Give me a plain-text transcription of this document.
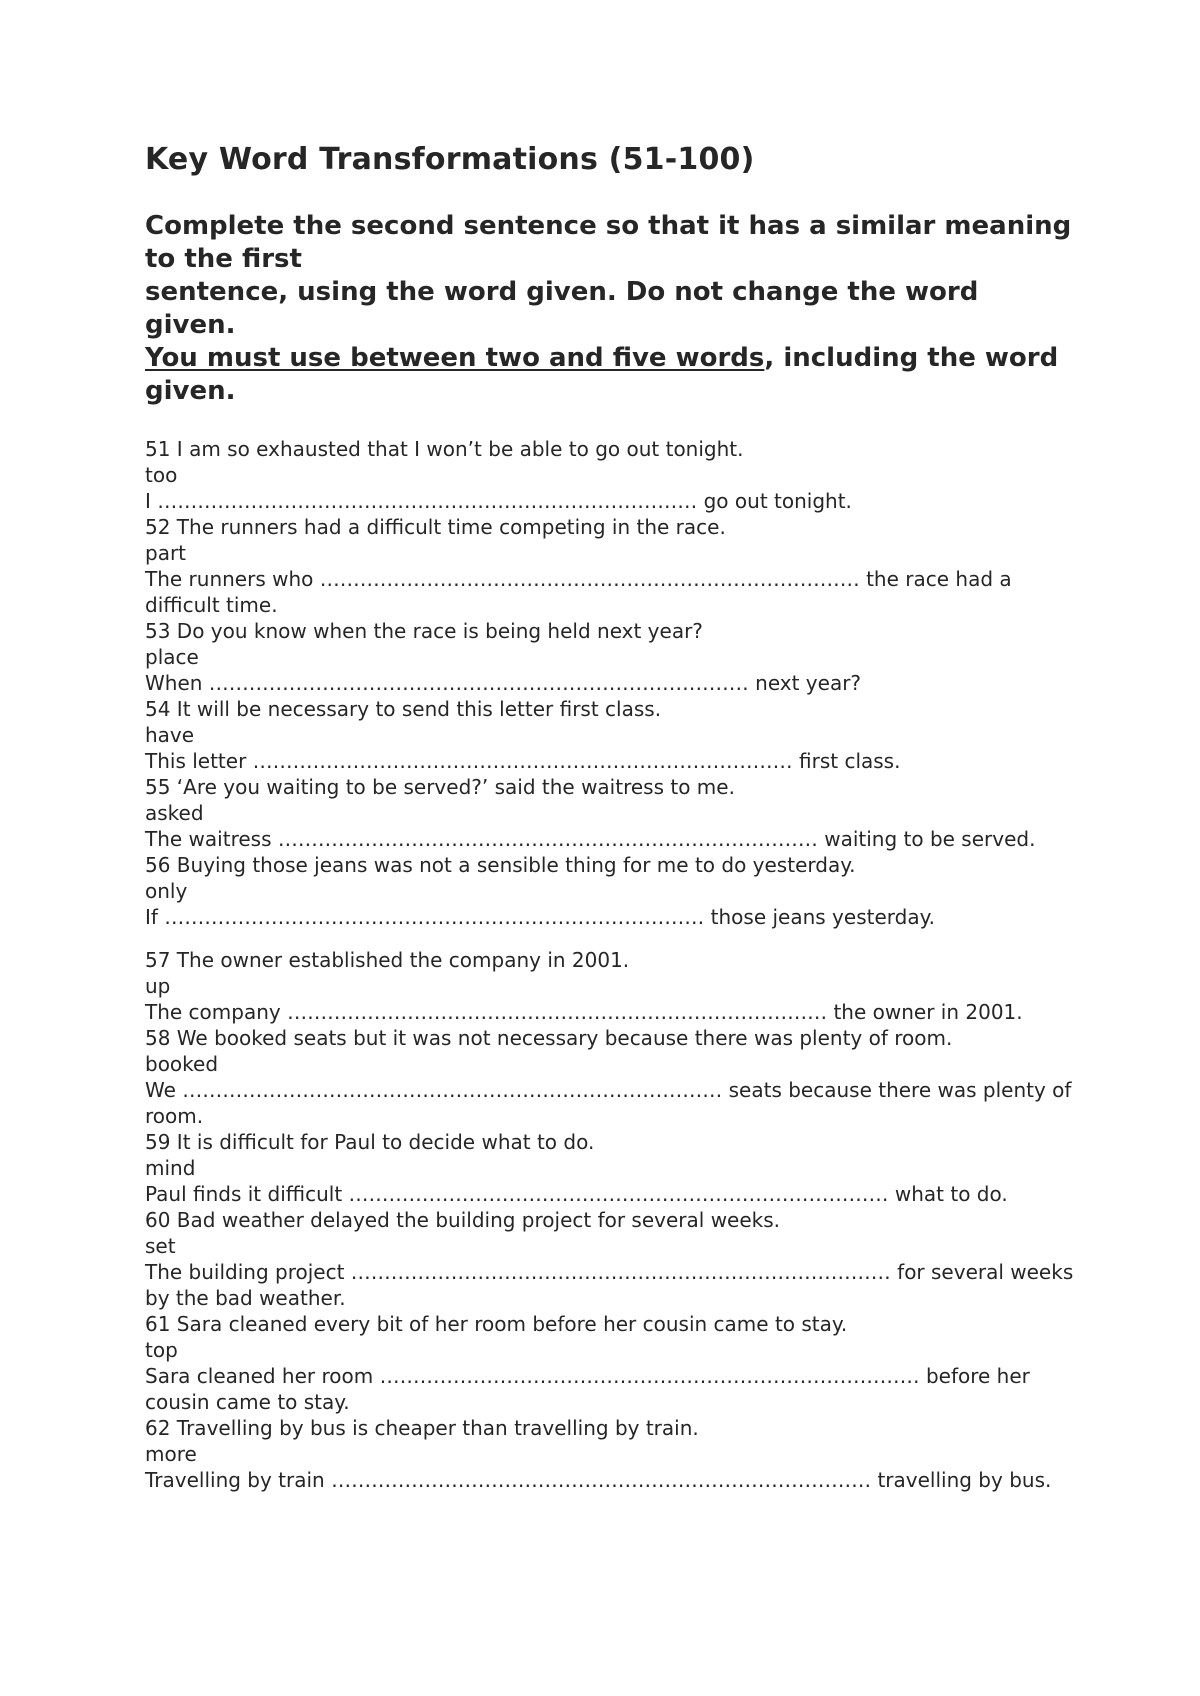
Key Word Transformations (51-100)
Complete the second sentence so that it has a similar meaning to the first
sentence, using the word given. Do not change the word given.
You must use between two and five words, including the word given.
51 I am so exhausted that I won’t be able to go out tonight.
too
I ……………………………………………………………………… go out tonight.
52 The runners had a difficult time competing in the race.
part
The runners who ……………………………………………………………………… the race had a difficult time.
53 Do you know when the race is being held next year?
place
When ……………………………………………………………………… next year?
54 It will be necessary to send this letter first class.
have
This letter ……………………………………………………………………… first class.
55 ‘Are you waiting to be served?’ said the waitress to me.
asked
The waitress ……………………………………………………………………… waiting to be served.
56 Buying those jeans was not a sensible thing for me to do yesterday.
only
If ……………………………………………………………………… those jeans yesterday.
57 The owner established the company in 2001.
up
The company ……………………………………………………………………… the owner in 2001.
58 We booked seats but it was not necessary because there was plenty of room.
booked
We ……………………………………………………………………… seats because there was plenty of room.
59 It is difficult for Paul to decide what to do.
mind
Paul finds it difficult ……………………………………………………………………… what to do.
60 Bad weather delayed the building project for several weeks.
set
The building project ……………………………………………………………………… for several weeks by the bad weather.
61 Sara cleaned every bit of her room before her cousin came to stay.
top
Sara cleaned her room ……………………………………………………………………… before her cousin came to stay.
62 Travelling by bus is cheaper than travelling by train.
more
Travelling by train ……………………………………………………………………… travelling by bus.
